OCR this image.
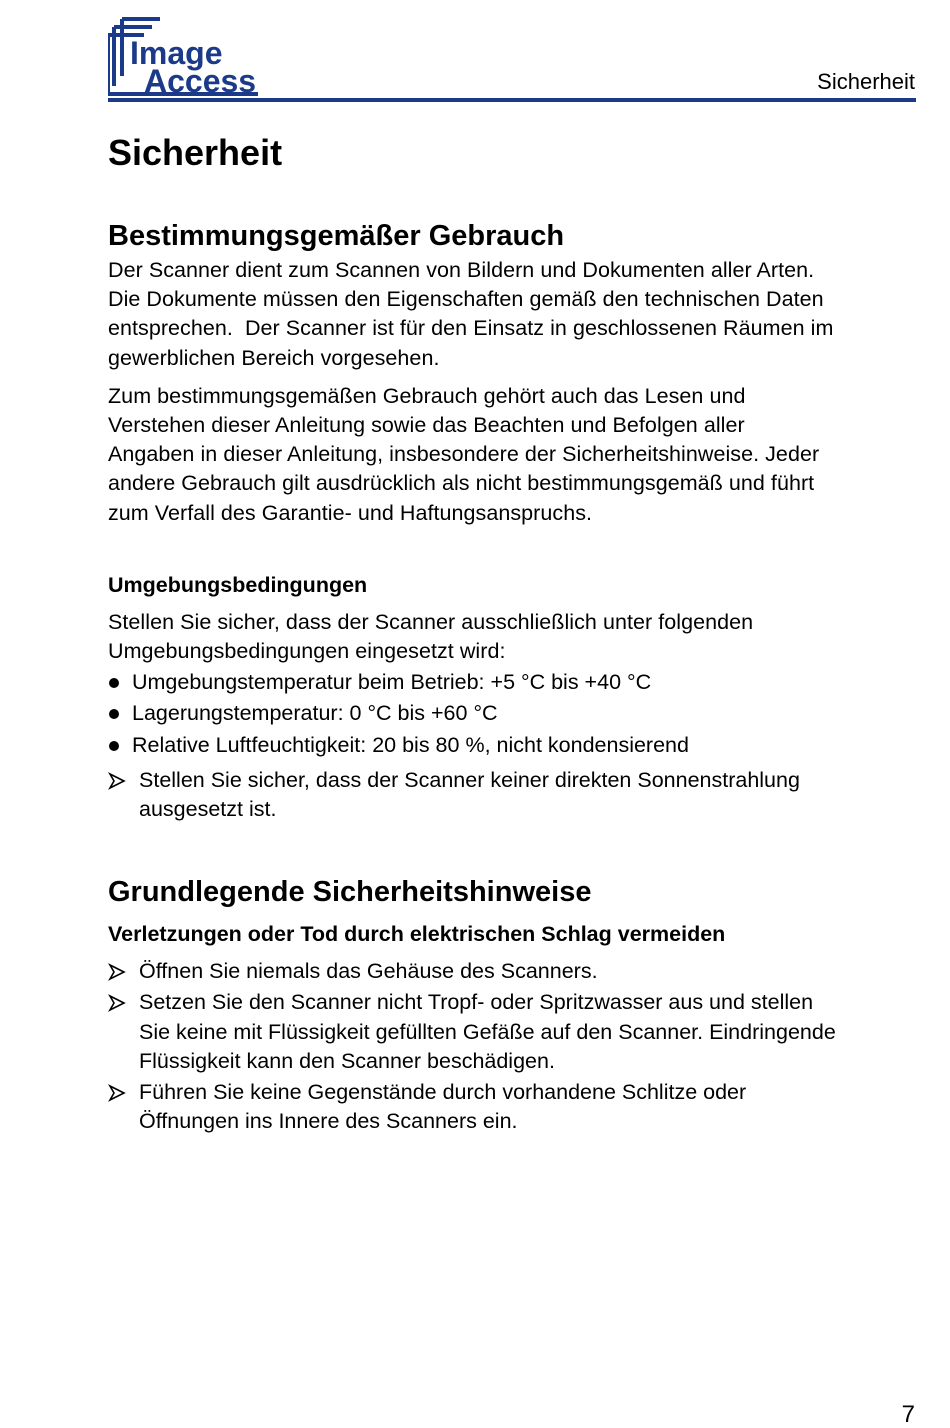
Image
Access	Sicherheit
Sicherheit
Bestimmungsgemäßer Gebrauch

Der Scanner dient zum Scannen von Bildern und Dokumenten aller Arten.
Die Dokumente müssen den Eigenschaften gemäß den technischen Daten
entsprechen.  Der Scanner ist für den Einsatz in geschlossenen Räumen im
gewerblichen Bereich vorgesehen.

Zum bestimmungsgemäßen Gebrauch gehört auch das Lesen und
Verstehen dieser Anleitung sowie das Beachten und Befolgen aller
Angaben in dieser Anleitung, insbesondere der Sicherheitshinweise. Jeder
andere Gebrauch gilt ausdrücklich als nicht bestimmungsgemäß und führt
zum Verfall des Garantie- und Haftungsanspruchs.

Umgebungsbedingungen

Stellen Sie sicher, dass der Scanner ausschließlich unter folgenden
Umgebungsbedingungen eingesetzt wird:

Umgebungstemperatur beim Betrieb: +5 °C bis +40 °C
Lagerungstemperatur: 0 °C bis +60 °C
Relative Luftfeuchtigkeit: 20 bis 80 %, nicht kondensierend
Stellen Sie sicher, dass der Scanner keiner direkten Sonnenstrahlung
ausgesetzt ist.
Grundlegende Sicherheitshinweise
Verletzungen oder Tod durch elektrischen Schlag vermeiden
Öffnen Sie niemals das Gehäuse des Scanners.
Setzen Sie den Scanner nicht Tropf- oder Spritzwasser aus und stellen
Sie keine mit Flüssigkeit gefüllten Gefäße auf den Scanner. Eindringende
Flüssigkeit kann den Scanner beschädigen.
Führen Sie keine Gegenstände durch vorhandene Schlitze oder
Öffnungen ins Innere des Scanners ein.
7
